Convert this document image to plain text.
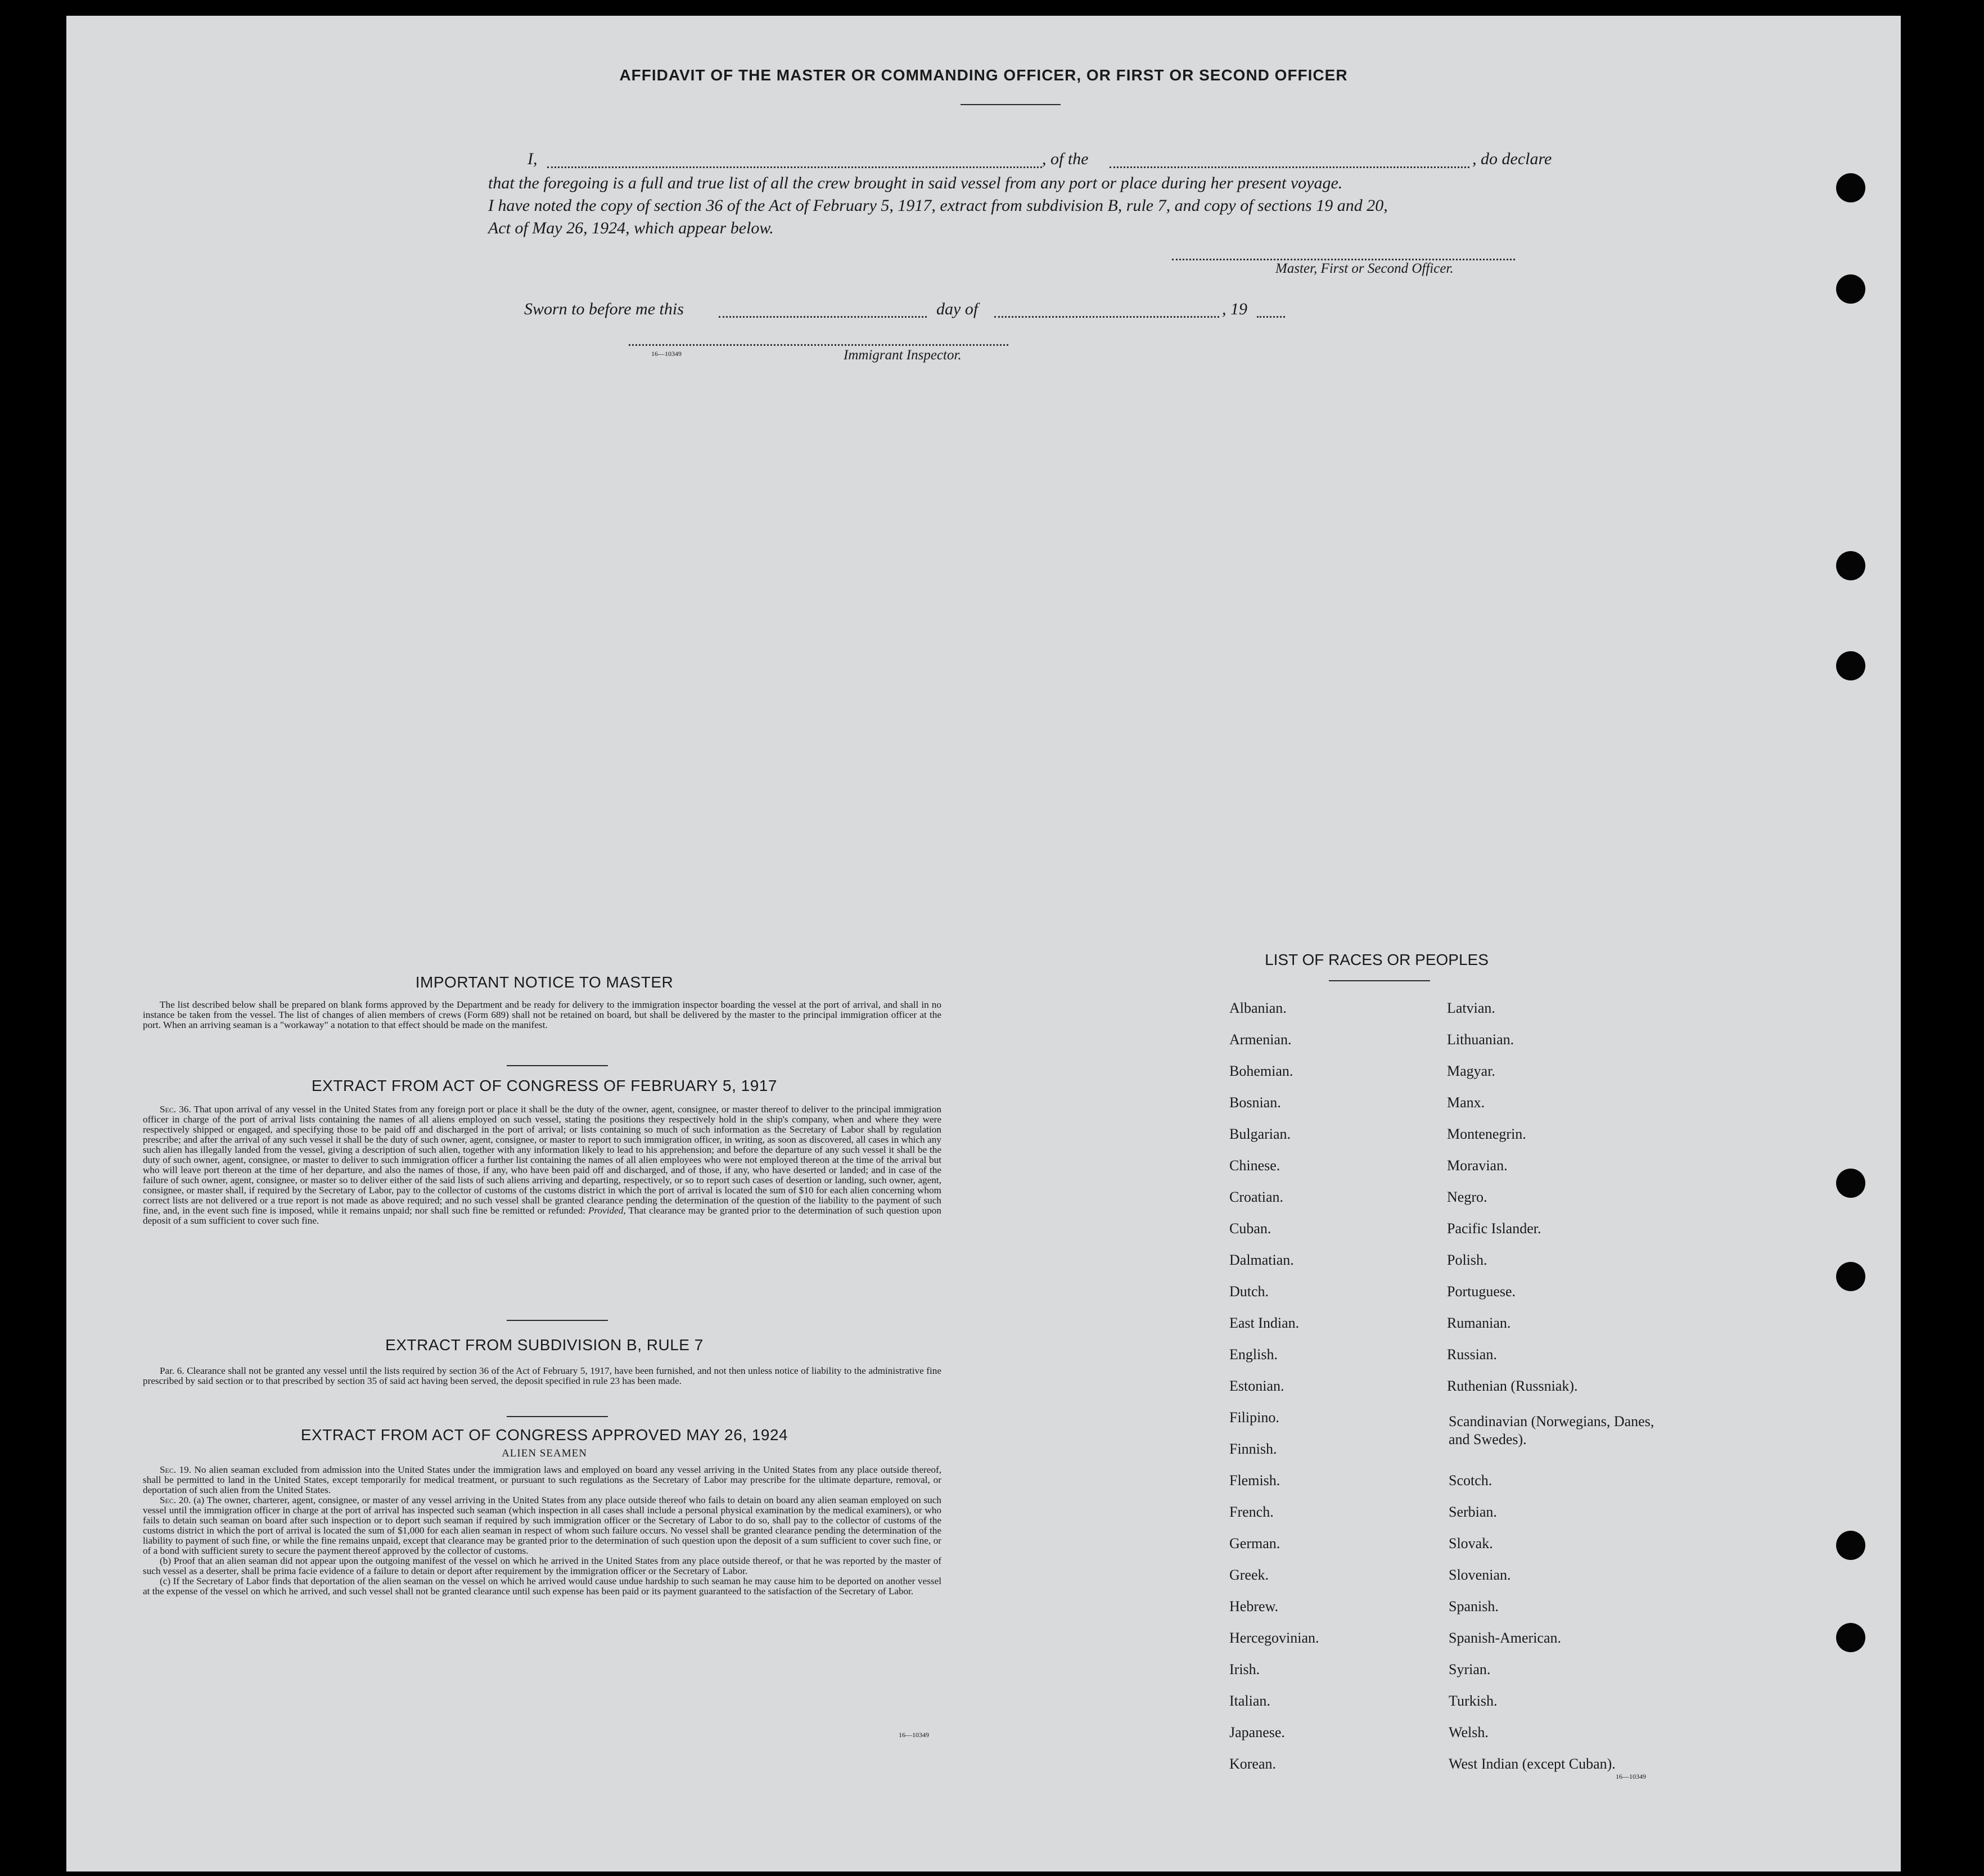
AFFIDAVIT OF THE MASTER OR COMMANDING OFFICER, OR FIRST OR SECOND OFFICER
I,	, of the	, do declare
that the foregoing is a full and true list of all the crew brought in said vessel from any port or place during her present voyage.
I have noted the copy of section 36 of the Act of February 5, 1917, extract from subdivision B, rule 7, and copy of sections 19 and 20,
Act of May 26, 1924, which appear below.
Master, First or Second Officer.
Sworn to before me this	day of	, 19
16—10349	Immigrant Inspector.
IMPORTANT NOTICE TO MASTER

The list described below shall be prepared on blank forms approved by the Department and be ready for delivery to the immigration inspector boarding the vessel at the port of arrival, and shall in no instance be taken from the vessel. The list of changes of alien members of crews (Form 689) shall not be retained on board, but shall be delivered by the master to the principal immigration officer at the port. When an arriving seaman is a "workaway" a notation to that effect should be made on the manifest.

EXTRACT FROM ACT OF CONGRESS OF FEBRUARY 5, 1917

Sec. 36. That upon arrival of any vessel in the United States from any foreign port or place it shall be the duty of the owner, agent, consignee, or master thereof to deliver to the principal immigration officer in charge of the port of arrival lists containing the names of all aliens employed on such vessel, stating the positions they respectively hold in the ship's company, when and where they were respectively shipped or engaged, and specifying those to be paid off and discharged in the port of arrival; or lists containing so much of such information as the Secretary of Labor shall by regulation prescribe; and after the arrival of any such vessel it shall be the duty of such owner, agent, consignee, or master to report to such immigration officer, in writing, as soon as discovered, all cases in which any such alien has illegally landed from the vessel, giving a description of such alien, together with any information likely to lead to his apprehension; and before the departure of any such vessel it shall be the duty of such owner, agent, consignee, or master to deliver to such immigration officer a further list containing the names of all alien employees who were not employed thereon at the time of the arrival but who will leave port thereon at the time of her departure, and also the names of those, if any, who have been paid off and discharged, and of those, if any, who have deserted or landed; and in case of the failure of such owner, agent, consignee, or master so to deliver either of the said lists of such aliens arriving and departing, respectively, or so to report such cases of desertion or landing, such owner, agent, consignee, or master shall, if required by the Secretary of Labor, pay to the collector of customs of the customs district in which the port of arrival is located the sum of $10 for each alien concerning whom correct lists are not delivered or a true report is not made as above required; and no such vessel shall be granted clearance pending the determination of the question of the liability to the payment of such fine, and, in the event such fine is imposed, while it remains unpaid; nor shall such fine be remitted or refunded: Provided, That clearance may be granted prior to the determination of such question upon deposit of a sum sufficient to cover such fine.

EXTRACT FROM SUBDIVISION B, RULE 7

Par. 6. Clearance shall not be granted any vessel until the lists required by section 36 of the Act of February 5, 1917, have been furnished, and not then unless notice of liability to the administrative fine prescribed by said section or to that prescribed by section 35 of said act having been served, the deposit specified in rule 23 has been made.

EXTRACT FROM ACT OF CONGRESS APPROVED MAY 26, 1924
ALIEN SEAMEN

Sec. 19. No alien seaman excluded from admission into the United States under the immigration laws and employed on board any vessel arriving in the United States from any place outside thereof, shall be permitted to land in the United States, except temporarily for medical treatment, or pursuant to such regulations as the Secretary of Labor may prescribe for the ultimate departure, removal, or deportation of such alien from the United States.

Sec. 20. (a) The owner, charterer, agent, consignee, or master of any vessel arriving in the United States from any place outside thereof who fails to detain on board any alien seaman employed on such vessel until the immigration officer in charge at the port of arrival has inspected such seaman (which inspection in all cases shall include a personal physical examination by the medical examiners), or who fails to detain such seaman on board after such inspection or to deport such seaman if required by such immigration officer or the Secretary of Labor to do so, shall pay to the collector of customs of the customs district in which the port of arrival is located the sum of $1,000 for each alien seaman in respect of whom such failure occurs. No vessel shall be granted clearance pending the determination of the liability to payment of such fine, or while the fine remains unpaid, except that clearance may be granted prior to the determination of such question upon the deposit of a sum sufficient to cover such fine, or of a bond with sufficient surety to secure the payment thereof approved by the collector of customs.

(b) Proof that an alien seaman did not appear upon the outgoing manifest of the vessel on which he arrived in the United States from any place outside thereof, or that he was reported by the master of such vessel as a deserter, shall be prima facie evidence of a failure to detain or deport after requirement by the immigration officer or the Secretary of Labor.

(c) If the Secretary of Labor finds that deportation of the alien seaman on the vessel on which he arrived would cause undue hardship to such seaman he may cause him to be deported on another vessel at the expense of the vessel on which he arrived, and such vessel shall not be granted clearance until such expense has been paid or its payment guaranteed to the satisfaction of the Secretary of Labor.

16—10349
LIST OF RACES OR PEOPLES
Albanian.
Armenian.
Bohemian.
Bosnian.
Bulgarian.
Chinese.
Croatian.
Cuban.
Dalmatian.
Dutch.
East Indian.
English.
Estonian.
Filipino.
Finnish.
Flemish.
French.
German.
Greek.
Hebrew.
Hercegovinian.
Irish.
Italian.
Japanese.
Korean.
Latvian.
Lithuanian.
Magyar.
Manx.
Montenegrin.
Moravian.
Negro.
Pacific Islander.
Polish.
Portuguese.
Rumanian.
Russian.
Ruthenian (Russniak).
Scandinavian (Norwegians, Danes, and Swedes).
Scotch.
Serbian.
Slovak.
Slovenian.
Spanish.
Spanish-American.
Syrian.
Turkish.
Welsh.
West Indian (except Cuban).
16—10349
